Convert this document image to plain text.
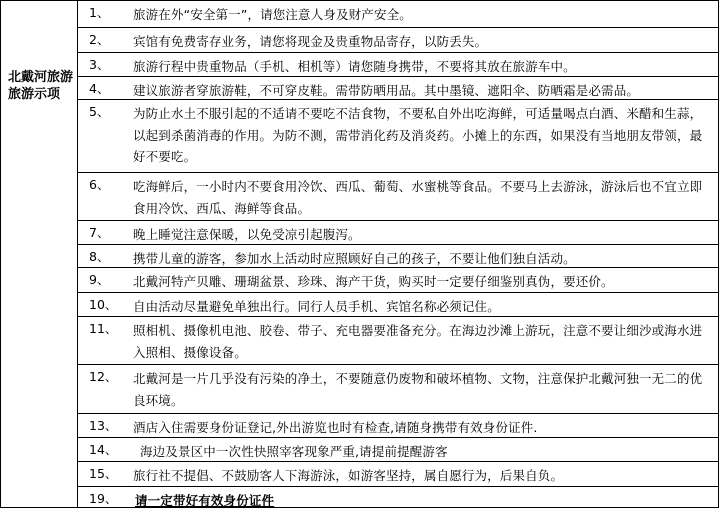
北戴河旅游旅游示项

1、	旅游在外“安全第一”，请您注意人身及财产安全。
2、	宾馆有免费寄存业务，请您将现金及贵重物品寄存，以防丢失。
3、	旅游行程中贵重物品（手机、相机等）请您随身携带，不要将其放在旅游车中。
4、	建议旅游者穿旅游鞋，不可穿皮鞋。需带防晒用品。其中墨镜、遮阳伞、防晒霜是必需品。
5、	为防止水土不服引起的不适请不要吃不洁食物，不要私自外出吃海鲜，可适量喝点白酒、米醋和生蒜，以起到杀菌消毒的作用。为防不测，需带消化药及消炎药。小摊上的东西，如果没有当地朋友带领，最好不要吃。
6、	吃海鲜后，一小时内不要食用冷饮、西瓜、葡萄、水蜜桃等食品。不要马上去游泳，游泳后也不宜立即食用冷饮、西瓜、海鲜等食品。
7、	晚上睡觉注意保暖，以免受凉引起腹泻。
8、	携带儿童的游客，参加水上活动时应照顾好自己的孩子，不要让他们独自活动。
9、	北戴河特产贝雕、珊瑚盆景、珍珠、海产干货，购买时一定要仔细鉴别真伪，要还价。
10、	自由活动尽量避免单独出行。同行人员手机、宾馆名称必须记住。
11、	照相机、摄像机电池、胶卷、带子、充电器要准备充分。在海边沙滩上游玩，注意不要让细沙或海水进入照相、摄像设备。
12、	北戴河是一片几乎没有污染的净土，不要随意仍废物和破坏植物、文物，注意保护北戴河独一无二的优良环境。
13、	酒店入住需要身份证登记,外出游览也时有检查,请随身携带有效身份证件.
14、	海边及景区中一次性快照宰客现象严重,请提前提醒游客
15、	旅行社不提倡、不鼓励客人下海游泳，如游客坚持，属自愿行为，后果自负。
19、	请一定带好有效身份证件
